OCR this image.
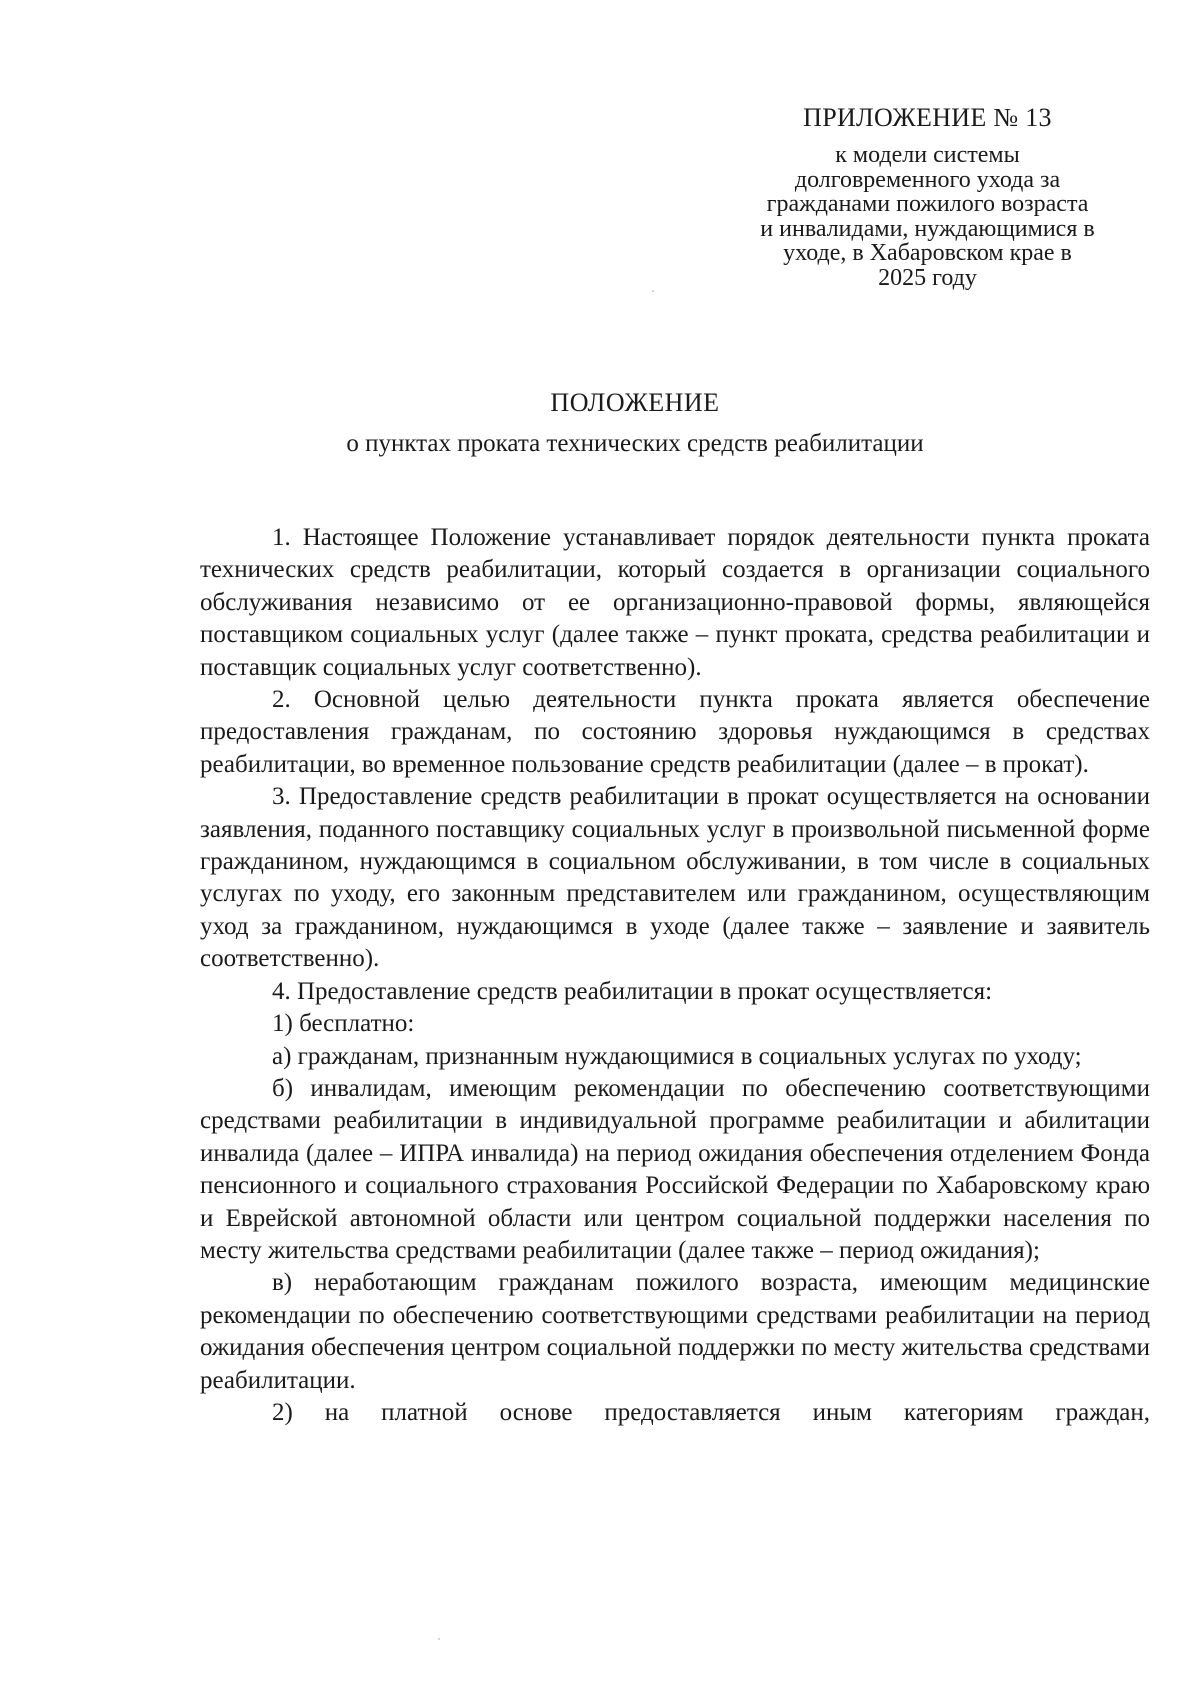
ПРИЛОЖЕНИЕ № 13

к модели системы
долговременного ухода за
гражданами пожилого возраста
и инвалидами, нуждающимися в
уходе, в Хабаровском крае в
2025 году

ПОЛОЖЕНИЕ

о пунктах проката технических средств реабилитации

1. Настоящее Положение устанавливает порядок деятельности пункта проката технических средств реабилитации, который создается в организации социального обслуживания независимо от ее организационно-правовой формы, являющейся поставщиком социальных услуг (далее также – пункт проката, средства реабилитации и поставщик социальных услуг соответственно).

2. Основной целью деятельности пункта проката является обеспечение предоставления гражданам, по состоянию здоровья нуждающимся в средствах реабилитации, во временное пользование средств реабилитации (далее – в прокат).

3. Предоставление средств реабилитации в прокат осуществляется на основании заявления, поданного поставщику социальных услуг в произвольной письменной форме гражданином, нуждающимся в социальном обслуживании, в том числе в социальных услугах по уходу, его законным представителем или гражданином, осуществляющим уход за гражданином, нуждающимся в уходе (далее также – заявление и заявитель соответственно).

4. Предоставление средств реабилитации в прокат осуществляется:

1) бесплатно:

а) гражданам, признанным нуждающимися в социальных услугах по уходу;

б) инвалидам, имеющим рекомендации по обеспечению соответствующими средствами реабилитации в индивидуальной программе реабилитации и абилитации инвалида (далее – ИПРА инвалида) на период ожидания обеспечения отделением Фонда пенсионного и социального страхования Российской Федерации по Хабаровскому краю и Еврейской автономной области или центром социальной поддержки населения по месту жительства средствами реабилитации (далее также – период ожидания);

в) неработающим гражданам пожилого возраста, имеющим медицинские рекомендации по обеспечению соответствующими средствами реабилитации на период ожидания обеспечения центром социальной поддержки по месту жительства средствами реабилитации.

2) на платной основе предоставляется иным категориям граждан,
